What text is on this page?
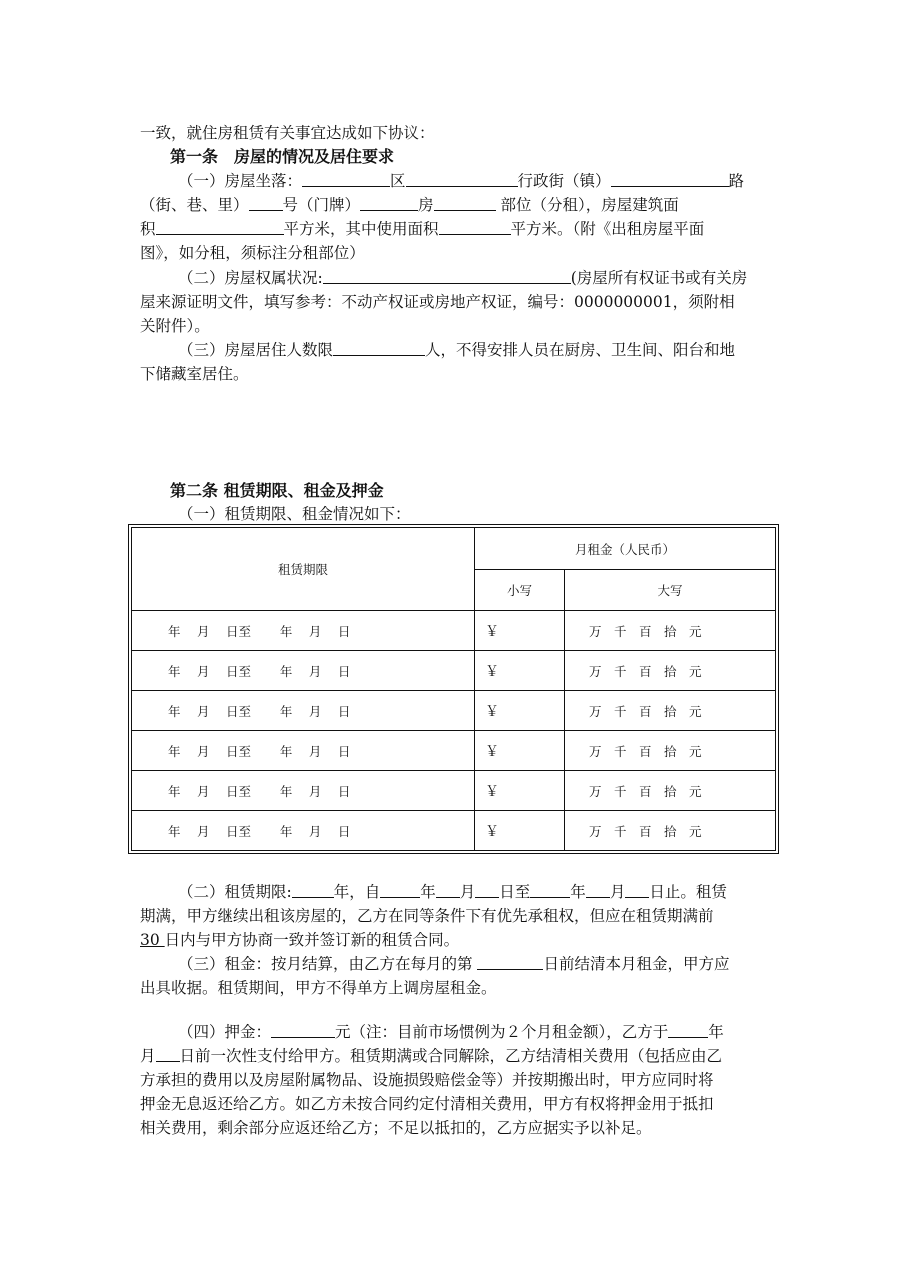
一致，就住房租赁有关事宜达成如下协议：
第一条　房屋的情况及居住要求
（一）房屋坐落：	区	行政街（镇）	路
（街、巷、里） 号（门牌）	房	部位（分租），房屋建筑面
积	平方米，其中使用面积	平方米。（附《出租房屋平面
图》，如分租，须标注分租部位）
（二）房屋权属状况:	(房屋所有权证书或有关房
屋来源证明文件，填写参考：不动产权证或房地产权证，编号：0000000001，须附相
关附件）。
（三）房屋居住人数限	人，不得安排人员在厨房、卫生间、阳台和地
下储藏室居住。
第二条 租赁期限、租金及押金
（一）租赁期限、租金情况如下：
租赁期限	月租金（人民币）	
	小写	大写
年　 月　 日至　　 年　 月　 日	￥	万　千　百　拾　元
年　 月　 日至　　 年　 月　 日	￥	万　千　百　拾　元
年　 月　 日至　　 年　 月　 日	￥	万　千　百　拾　元
年　 月　 日至　　 年　 月　 日	￥	万　千　百　拾　元
年　 月　 日至　　 年　 月　 日	￥	万　千　百　拾　元
年　 月　 日至　　 年　 月　 日	￥	万　千　百　拾　元
（二）租赁期限:	年，自	年 月 日至	年 月 日止。租赁
期满，甲方继续出租该房屋的，乙方在同等条件下有优先承租权，但应在租赁期满前
30 日内与甲方协商一致并签订新的租赁合同。
（三）租金：按月结算，由乙方在每月的第	日前结清本月租金，甲方应
出具收据。租赁期间，甲方不得单方上调房屋租金。
（四）押金：	元（注：目前市场惯例为２个月租金额），乙方于	年
月 日前一次性支付给甲方。租赁期满或合同解除，乙方结清相关费用（包括应由乙
方承担的费用以及房屋附属物品、设施损毁赔偿金等）并按期搬出时，甲方应同时将
押金无息返还给乙方。如乙方未按合同约定付清相关费用，甲方有权将押金用于抵扣
相关费用，剩余部分应返还给乙方；不足以抵扣的，乙方应据实予以补足。
